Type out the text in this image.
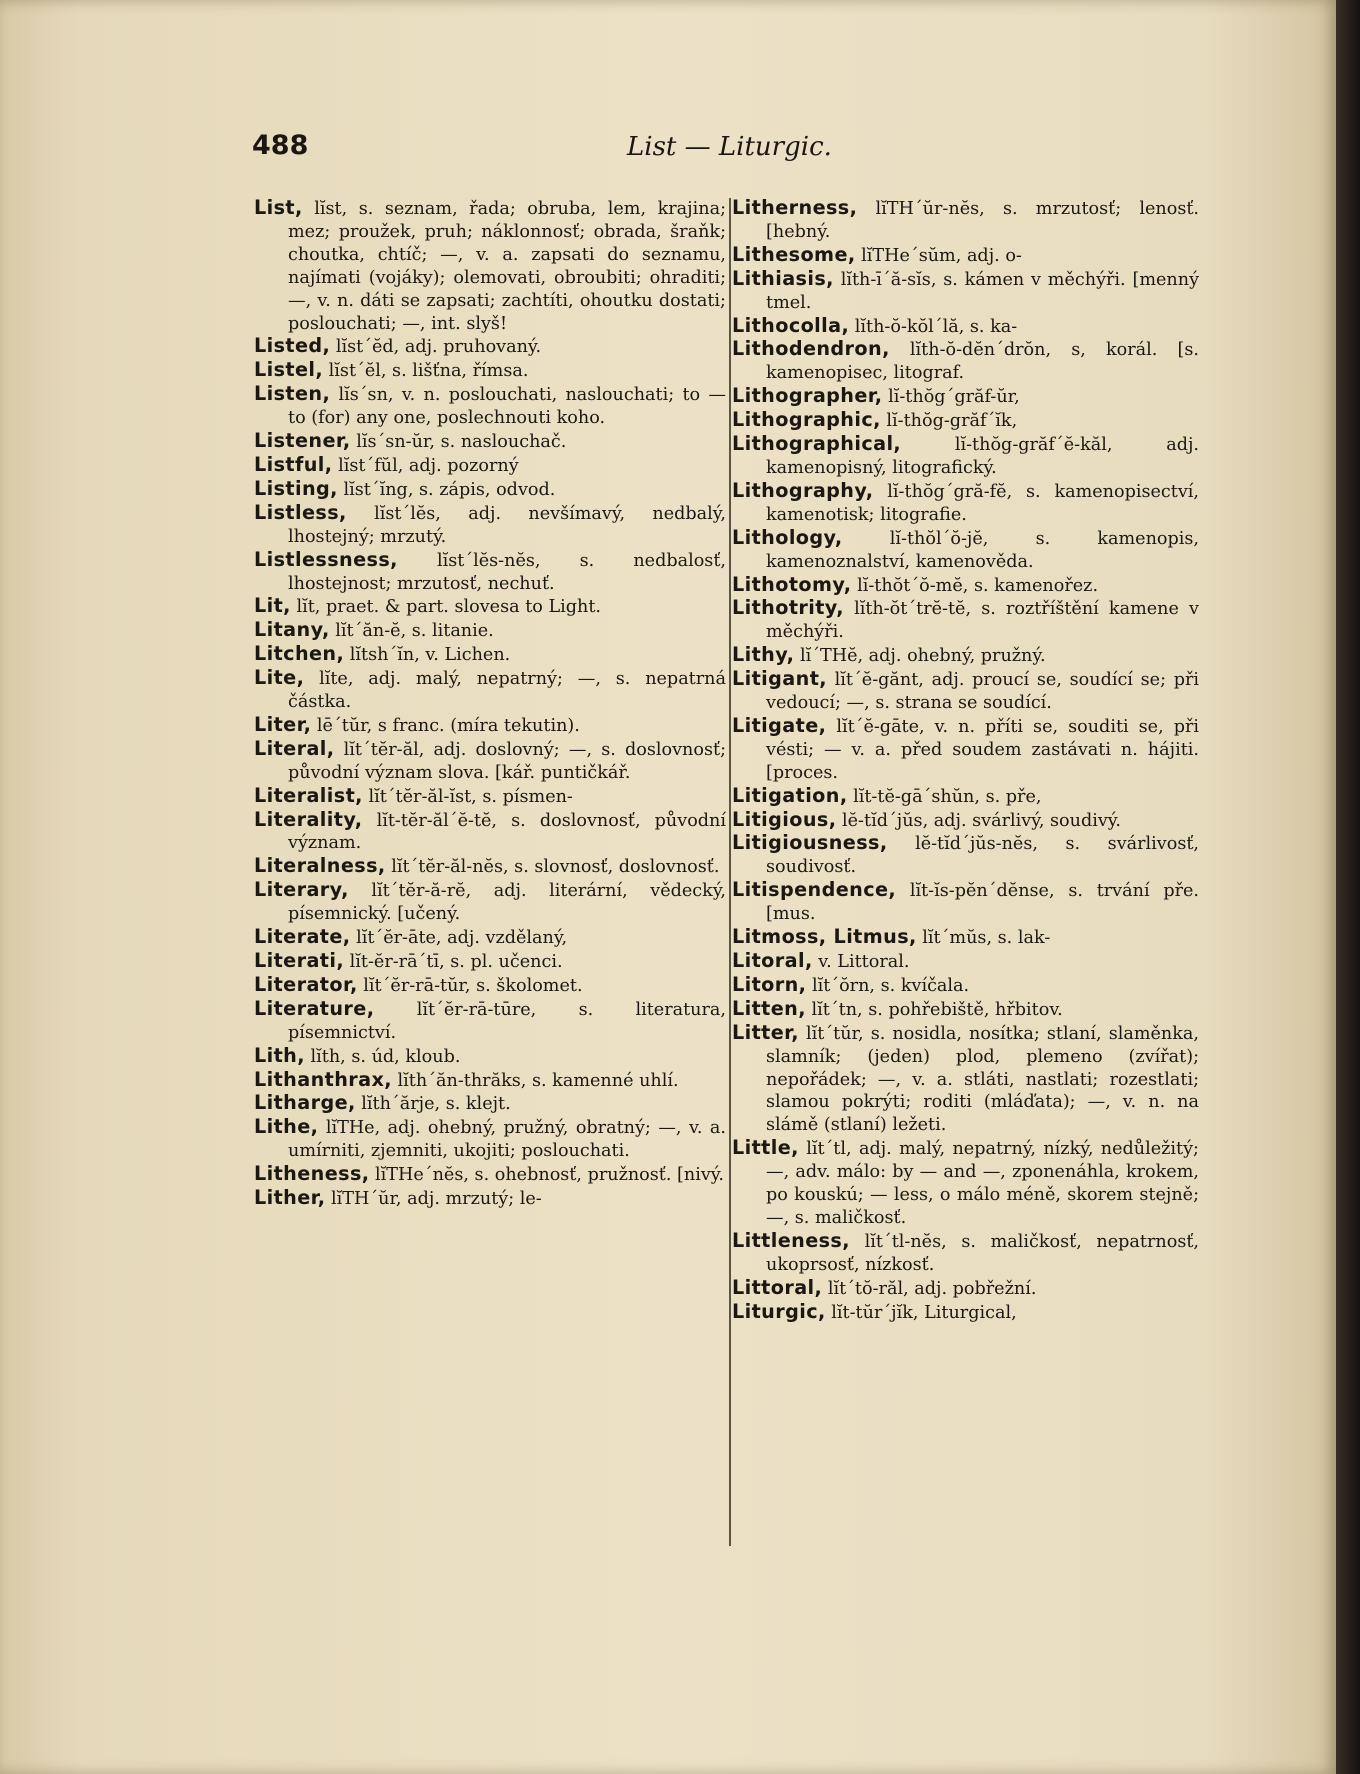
488	List — Liturgic.

List, lĭst, s. seznam, řada; obruba, lem, krajina; mez; proužek, pruh; náklonnosť; obrada, šraňk; choutka, chtíč; —, v. a. zapsati do seznamu, najímati (vojáky); olemovati, obroubiti; ohraditi; —, v. n. dáti se zapsati; zachtíti, ohoutku dostati; poslouchati; —, int. slyš!

Listed, lĭst´ĕd, adj. pruhovaný.

Listel, lĭst´ĕl, s. lišťna, římsa.

Listen, lĭs´sn, v. n. poslouchati, naslouchati; to — to (for) any one, poslechnouti koho.

Listener, lĭs´sn-ŭr, s. naslouchač.

Listful, lĭst´fŭl, adj. pozorný

Listing, lĭst´ĭng, s. zápis, odvod.

Listless, lĭst´lĕs, adj. nevšímavý, nedbalý, lhostejný; mrzutý.

Listlessness, lĭst´lĕs-nĕs, s. nedbalosť, lhostejnost; mrzutosť, nechuť.

Lit, lĭt, praet. & part. slovesa to Light.

Litany, lĭt´ăn-ĕ, s. litanie.

Litchen, lĭtsh´ĭn, v. Lichen.

Lite, lĭte, adj. malý, nepatrný; —, s. nepatrná částka.

Liter, lē´tŭr, s franc. (míra tekutin).

Literal, lĭt´tĕr-ăl, adj. doslovný; —, s. doslovnosť; původní význam slova. [kář. puntičkář.

Literalist, lĭt´tĕr-ăl-ĭst, s. písmen-

Literality, lĭt-tĕr-ăl´ĕ-tĕ, s. doslovnosť, původní význam.

Literalness, lĭt´tĕr-ăl-nĕs, s. slovnosť, doslovnosť.

Literary, lĭt´tĕr-ă-rĕ, adj. literární, vědecký, písemnický. [učený.

Literate, lĭt´ĕr-āte, adj. vzdělaný,

Literati, lĭt-ĕr-rā´tī, s. pl. učenci.

Literator, lĭt´ĕr-rā-tŭr, s. školomet.

Literature, lĭt´ĕr-rā-tūre, s. literatura, písemnictví.

Lith, lĭth, s. úd, kloub.

Lithanthrax, lĭth´ăn-thrăks, s. kamenné uhlí.

Litharge, lĭth´ărje, s. klejt.

Lithe, lĭTHe, adj. ohebný, pružný, obratný; —, v. a. umírniti, zjemniti, ukojiti; poslouchati.

Litheness, lĭTHe´nĕs, s. ohebnosť, pružnosť. [nivý.

Lither, lĭTH´ŭr, adj. mrzutý; le-

Litherness, lĭTH´ŭr-nĕs, s. mrzutosť; lenosť. [hebný.

Lithesome, lĭTHe´sŭm, adj. o-

Lithiasis, lĭth-ī´ă-sĭs, s. kámen v měchýři. [menný tmel.

Lithocolla, lĭth-ŏ-kŏl´lă, s. ka-

Lithodendron, lĭth-ŏ-dĕn´drŏn, s, korál. [s. kamenopisec, litograf.

Lithographer, lĭ-thŏg´grăf-ŭr,

Lithographic, lĭ-thŏg-grăf´ĭk,

Lithographical,	lĭ-thŏg-grăf´ĕ-kăl,	adj. kamenopisný, litografický.

Lithography, lĭ-thŏg´gră-fĕ, s. kamenopisectví, kamenotisk; litografie.

Lithology,	lĭ-thŏl´ŏ-jĕ,	s. kamenopis, kamenoznalství, kamenověda.

Lithotomy, lĭ-thŏt´ŏ-mĕ, s. kamenořez.

Lithotrity, lĭth-ŏt´trĕ-tĕ, s. roztříštění kamene v měchýři.

Lithy, lĭ´THĕ, adj. ohebný, pružný.

Litigant, lĭt´ĕ-gănt, adj. proucí se, soudící se; při vedoucí; —, s. strana se soudící.

Litigate, lĭt´ĕ-gāte, v. n. příti se, souditi se, při vésti; — v. a. před soudem zastávati n. hájiti. [proces.

Litigation, lĭt-tĕ-gā´shŭn, s. pře,

Litigious, lĕ-tĭd´jŭs, adj. svárlivý, soudivý.

Litigiousness, lĕ-tĭd´jŭs-nĕs, s. svárlivosť, soudivosť.

Litispendence, lĭt-ĭs-pĕn´dĕnse, s. trvání pře. [mus.

Litmoss, Litmus, lĭt´mŭs, s. lak-

Litoral, v. Littoral.

Litorn, lĭt´ŏrn, s. kvíčala.

Litten, lĭt´tn, s. pohřebiště, hřbitov.

Litter, lĭt´tŭr, s. nosidla, nosítka; stlaní, slaměnka, slamník; (jeden) plod, plemeno (zvířat); nepořádek; —, v. a. stláti, nastlati; rozestlati; slamou pokrýti; roditi (mláďata); —, v. n. na slámě (stlaní) ležeti.

Little, lĭt´tl, adj. malý, nepatrný, nízký, nedůležitý; —, adv. málo: by — and —, zponenáhla, krokem, po kouskú; — less, o málo méně, skorem stejně; —, s. maličkosť.

Littleness, lĭt´tl-nĕs, s. maličkosť, nepatrnosť, ukoprsosť, nízkosť.

Littoral, lĭt´tŏ-răl, adj. pobřežní.

Liturgic, lĭt-tŭr´jĭk, Liturgical,
